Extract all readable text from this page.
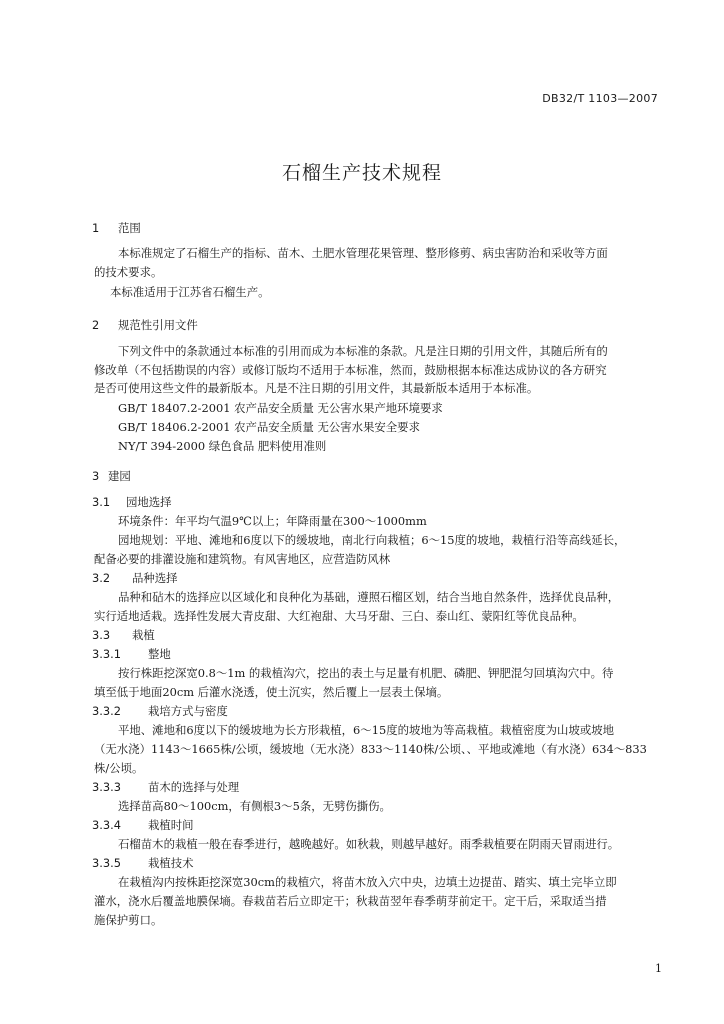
DB32/T 1103—2007
石榴生产技术规程
1 范围
本标准规定了石榴生产的指标、苗木、土肥水管理花果管理、整形修剪、病虫害防治和采收等方面
的技术要求。
本标准适用于江苏省石榴生产。
2 规范性引用文件
下列文件中的条款通过本标准的引用而成为本标准的条款。凡是注日期的引用文件，其随后所有的
修改单（不包括勘误的内容）或修订版均不适用于本标准，然而，鼓励根据本标准达成协议的各方研究
是否可使用这些文件的最新版本。凡是不注日期的引用文件，其最新版本适用于本标准。
GB/T 18407.2-2001 农产品安全质量 无公害水果产地环境要求
GB/T 18406.2-2001 农产品安全质量 无公害水果安全要求
NY/T 394-2000 绿色食品 肥料使用准则
3 建园
3.1 园地选择
环境条件：年平均气温9℃以上；年降雨量在300～1000mm
园地规划：平地、滩地和6度以下的缓坡地，南北行向栽植；6～15度的坡地，栽植行沿等高线延长，
配备必要的排灌设施和建筑物。有风害地区，应营造防风林
3.2 品种选择
品种和砧木的选择应以区域化和良种化为基础，遵照石榴区划，结合当地自然条件，选择优良品种，
实行适地适栽。选择性发展大青皮甜、大红袍甜、大马牙甜、三白、泰山红、蒙阳红等优良品种。
3.3 栽植
3.3.1 整地
按行株距挖深宽0.8～1m 的栽植沟穴，挖出的表土与足量有机肥、磷肥、钾肥混匀回填沟穴中。待
填至低于地面20cm 后灌水浇透，使土沉实，然后覆上一层表土保墒。
3.3.2 栽培方式与密度
平地、滩地和6度以下的缓坡地为长方形栽植，6～15度的坡地为等高栽植。栽植密度为山坡或坡地
（无水浇）1143～1665株/公顷，缓坡地（无水浇）833～1140株/公顷、、平地或滩地（有水浇）634～833
株/公顷。
3.3.3 苗木的选择与处理
选择苗高80～100cm，有侧根3～5条，无劈伤撕伤。
3.3.4 栽植时间
石榴苗木的栽植一般在春季进行，越晚越好。如秋栽，则越早越好。雨季栽植要在阴雨天冒雨进行。
3.3.5 栽植技术
在栽植沟内按株距挖深宽30cm的栽植穴，将苗木放入穴中央，边填土边提苗、踏实、填土完毕立即
灌水，浇水后覆盖地膜保墒。春栽苗若后立即定干；秋栽苗翌年春季萌芽前定干。定干后，采取适当措
施保护剪口。
1
